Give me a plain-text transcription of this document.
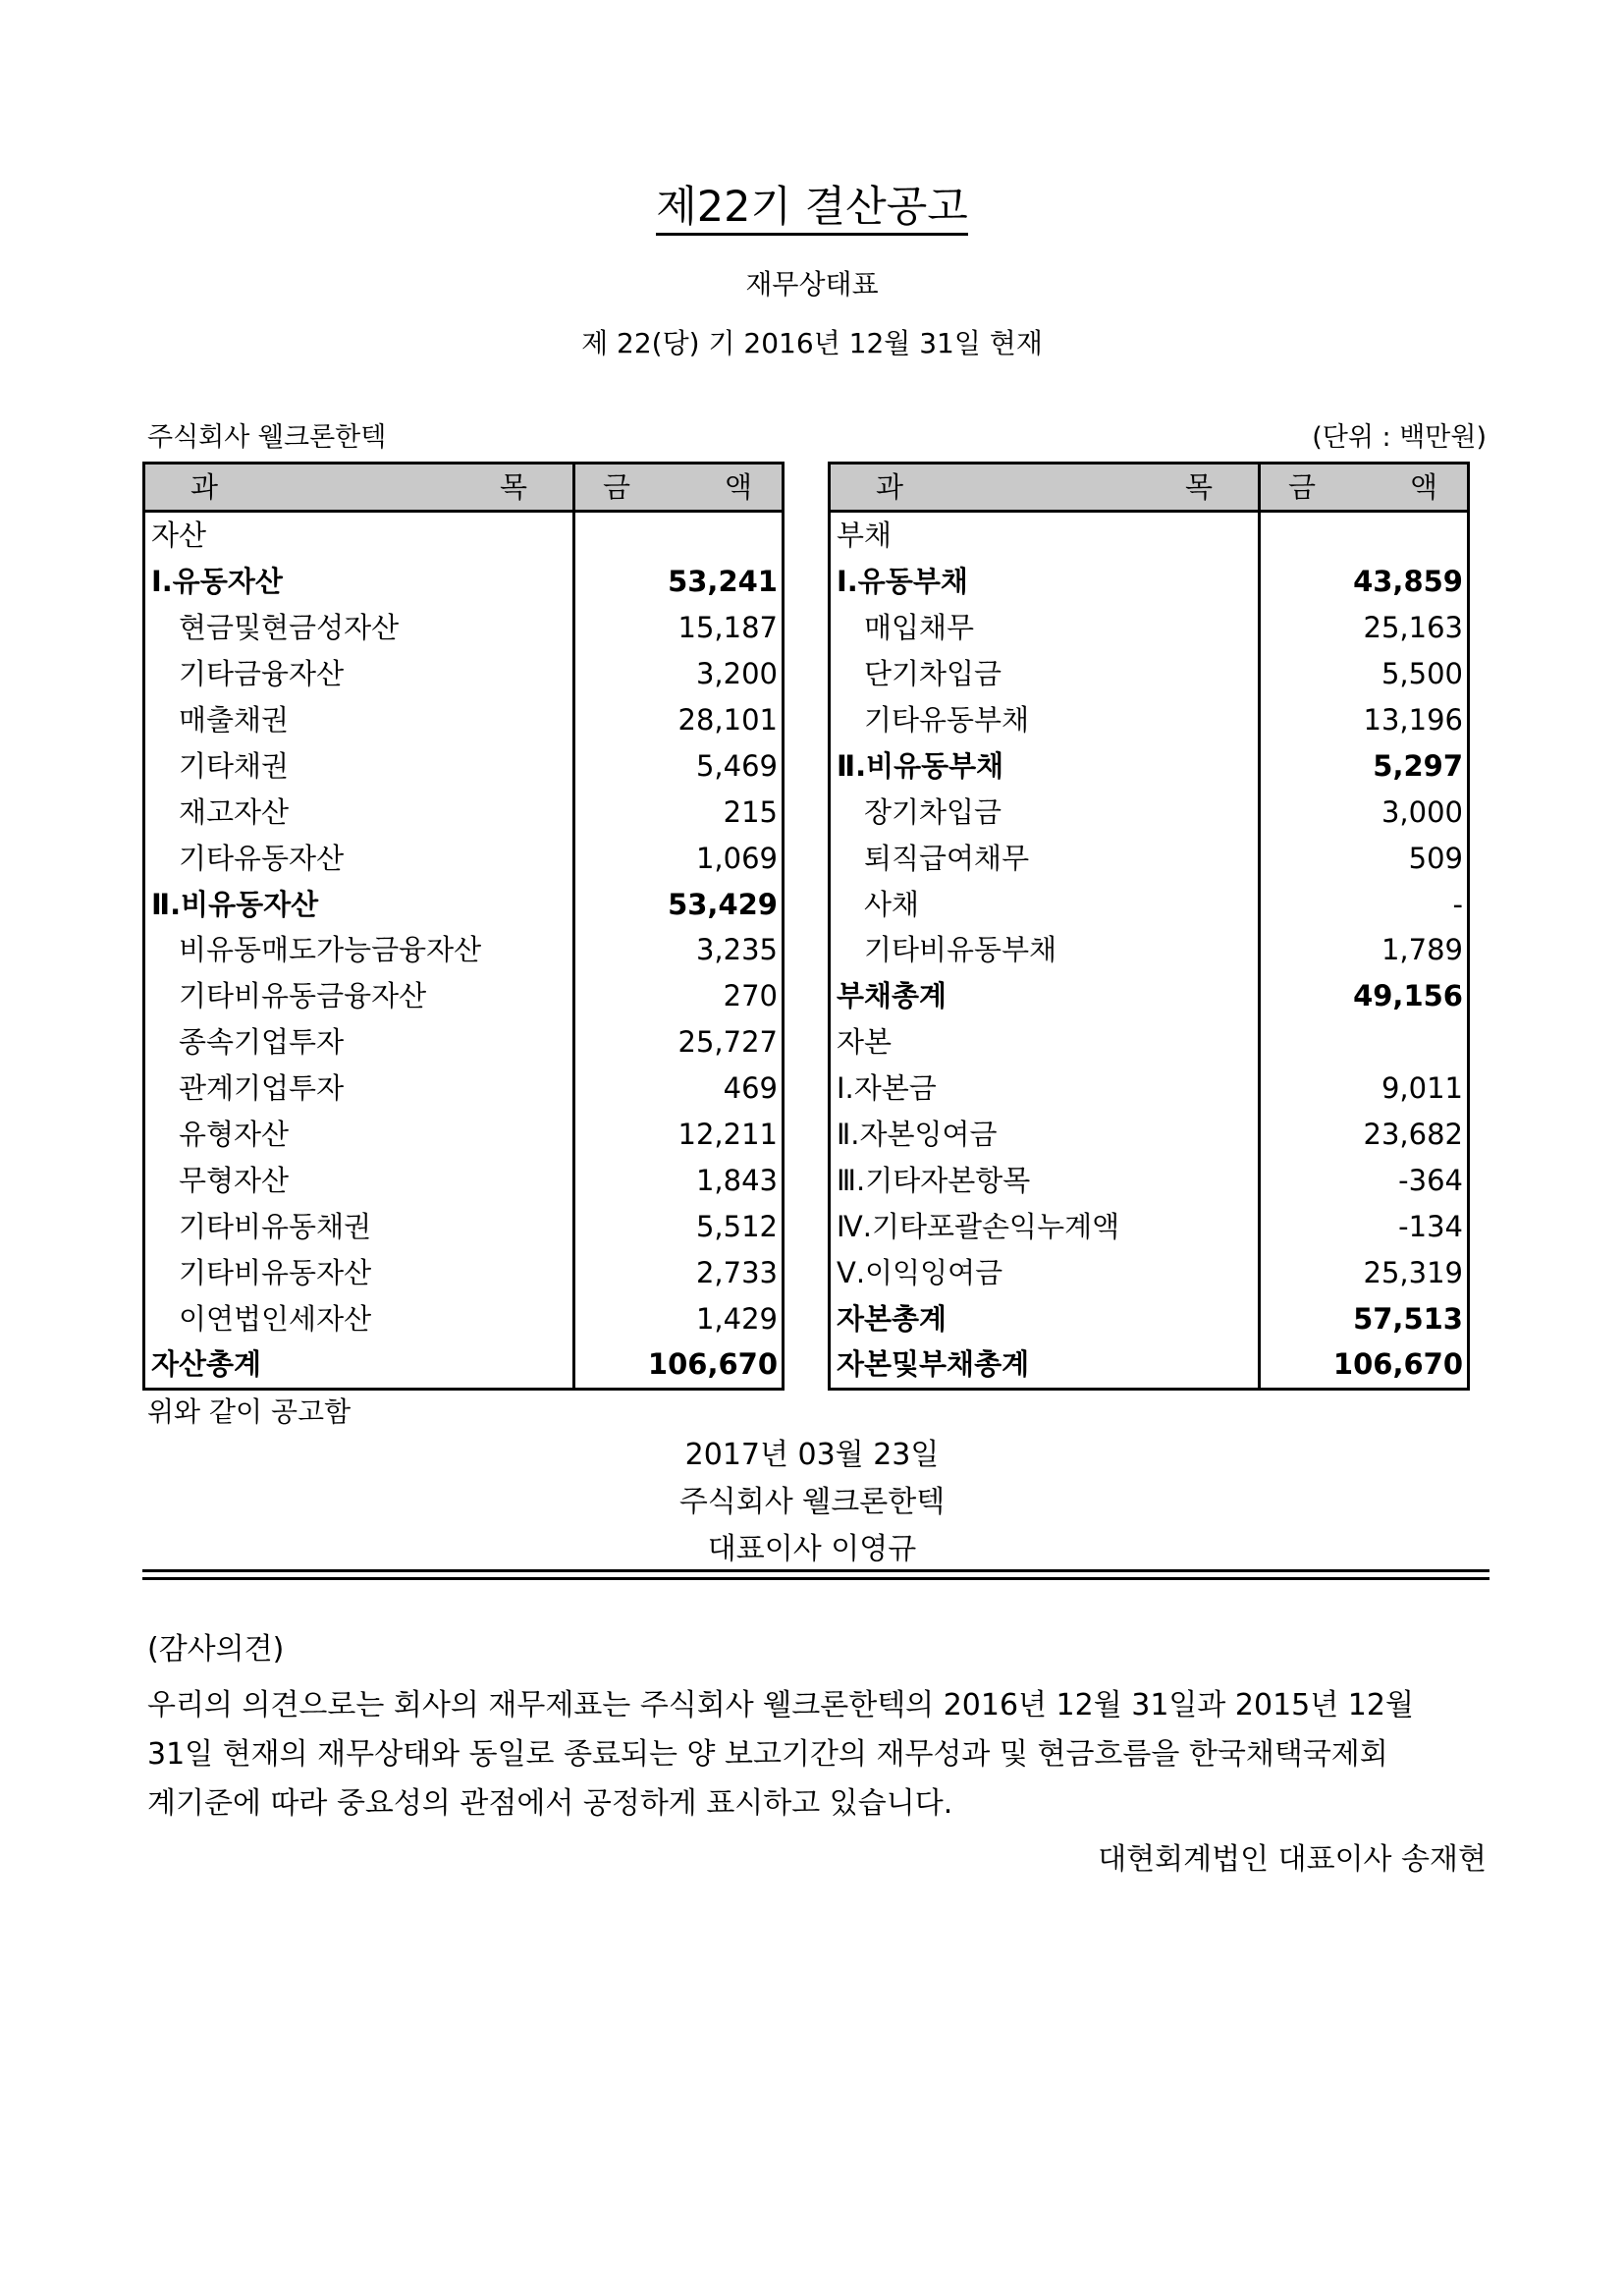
제22기 결산공고
재무상태표
제 22(당) 기 2016년 12월 31일 현재
주식회사 웰크론한텍	(단위 : 백만원)
과 목	금 액

자산	
Ⅰ.유동자산	53,241
현금및현금성자산	15,187
기타금융자산	3,200
매출채권	28,101
기타채권	5,469
재고자산	215
기타유동자산	1,069
Ⅱ.비유동자산	53,429
비유동매도가능금융자산	3,235
기타비유동금융자산	270
종속기업투자	25,727
관계기업투자	469
유형자산	12,211
무형자산	1,843
기타비유동채권	5,512
기타비유동자산	2,733
이연법인세자산	1,429
자산총계	106,670
과 목	금 액

부채	
Ⅰ.유동부채	43,859
매입채무	25,163
단기차입금	5,500
기타유동부채	13,196
Ⅱ.비유동부채	5,297
장기차입금	3,000
퇴직급여채무	509
사채	-
기타비유동부채	1,789
부채총계	49,156
자본	
Ⅰ.자본금	9,011
Ⅱ.자본잉여금	23,682
Ⅲ.기타자본항목	-364
Ⅳ.기타포괄손익누계액	-134
Ⅴ.이익잉여금	25,319
자본총계	57,513
자본및부채총계	106,670
위와 같이 공고함
2017년 03월 23일
주식회사 웰크론한텍
대표이사 이영규
(감사의견)
우리의 의견으로는 회사의 재무제표는 주식회사 웰크론한텍의 2016년 12월 31일과 2015년 12월
31일 현재의 재무상태와 동일로 종료되는 양 보고기간의 재무성과 및 현금흐름을 한국채택국제회
계기준에 따라 중요성의 관점에서 공정하게 표시하고 있습니다.
대현회계법인 대표이사 송재현
